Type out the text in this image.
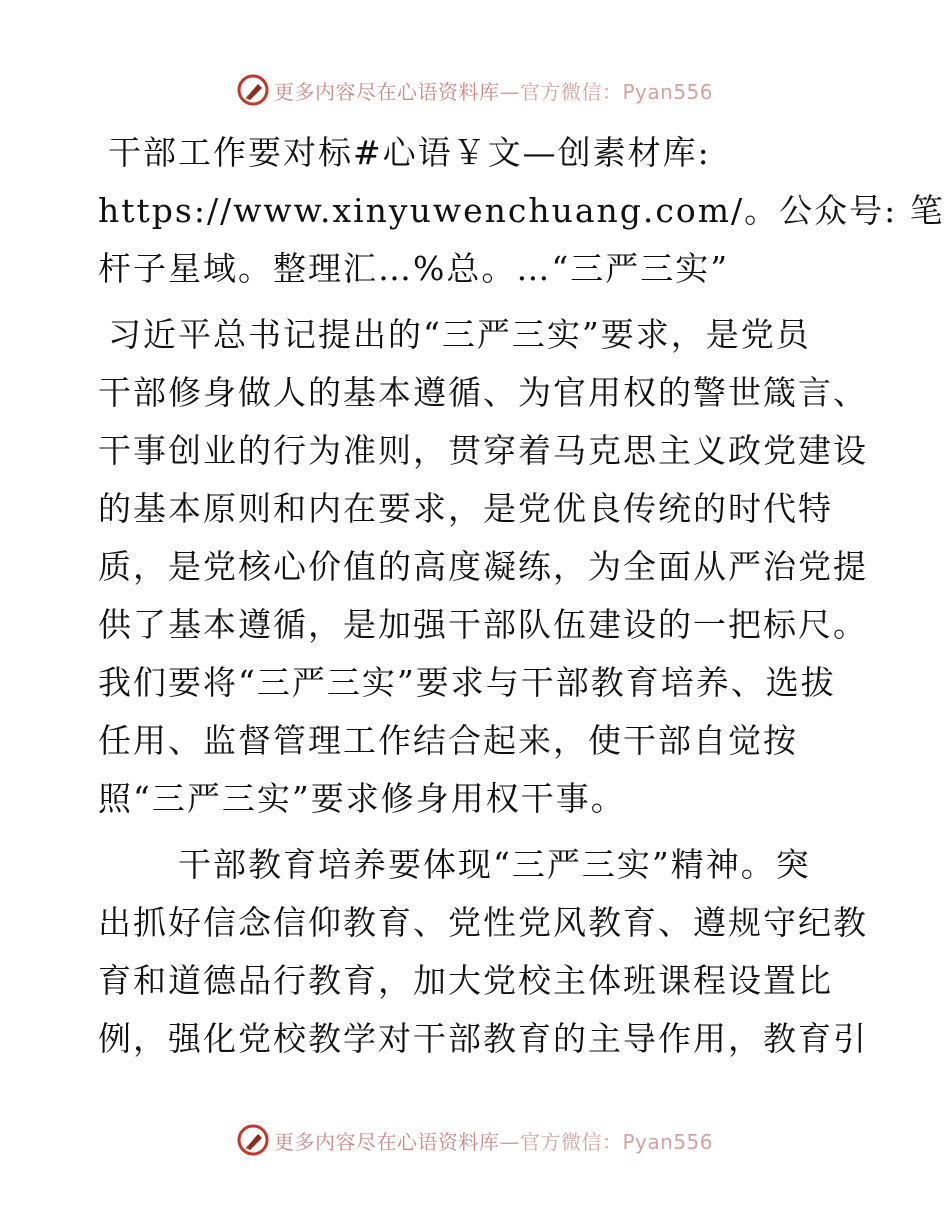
更多内容尽在心语资料库—官方微信：Pyan556
干部工作要对标#心语￥文—创素材库:
https://www.xinyuwenchuang.com/。公众号: 笔
杆子星域。整理汇…%总。…“三严三实”
习近平总书记提出的“三严三实”要求，是党员
干部修身做人的基本遵循、为官用权的警世箴言、
干事创业的行为准则，贯穿着马克思主义政党建设
的基本原则和内在要求，是党优良传统的时代特
质，是党核心价值的高度凝练，为全面从严治党提
供了基本遵循，是加强干部队伍建设的一把标尺。
我们要将“三严三实”要求与干部教育培养、选拔
任用、监督管理工作结合起来，使干部自觉按
照“三严三实”要求修身用权干事。
干部教育培养要体现“三严三实”精神。突
出抓好信念信仰教育、党性党风教育、遵规守纪教
育和道德品行教育，加大党校主体班课程设置比
例，强化党校教学对干部教育的主导作用，教育引
更多内容尽在心语资料库—官方微信：Pyan556
